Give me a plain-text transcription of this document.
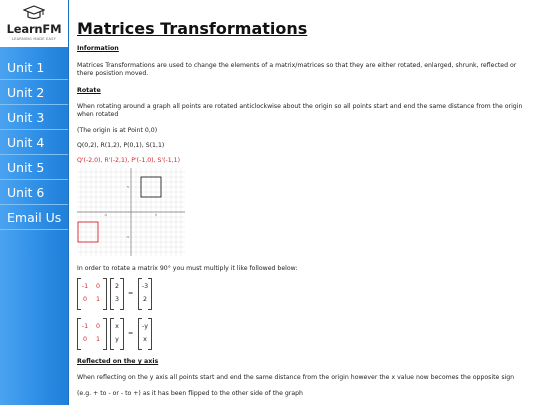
LearnFM
LEARNING MADE EASY
Unit 1
Unit 2
Unit 3
Unit 4
Unit 5
Unit 6
Email Us
Matrices Transformations
Information
Matrices Transformations are used to change the elements of a matrix/matrices so that they are either rotated, enlarged, shrunk, reflected or there posistion moved.
Rotate
When rotating around a graph all points are rotated anticlockwise about the origin so all points start and end the same distance from the origin when rotated
(The origin is at Point 0,0)
Q(0,2), R(1,2), P(0,1), S(1,1)
Q'(-2,0), R'(-2,1), P'(-1,0), S'(-1,1)
-5	5
5
-5
In order to rotate a matrix 90° you must multiply it like followed below:
-1	0
0	1
2
3
=
-3
2
-1	0
0	1
x
y
=
-y
x
Reflected on the y axis
When reflecting on the y axis all points start and end the same distance from the origin however the x value now becomes the opposite sign
(e.g. + to - or - to +) as it has been flipped to the other side of the graph
